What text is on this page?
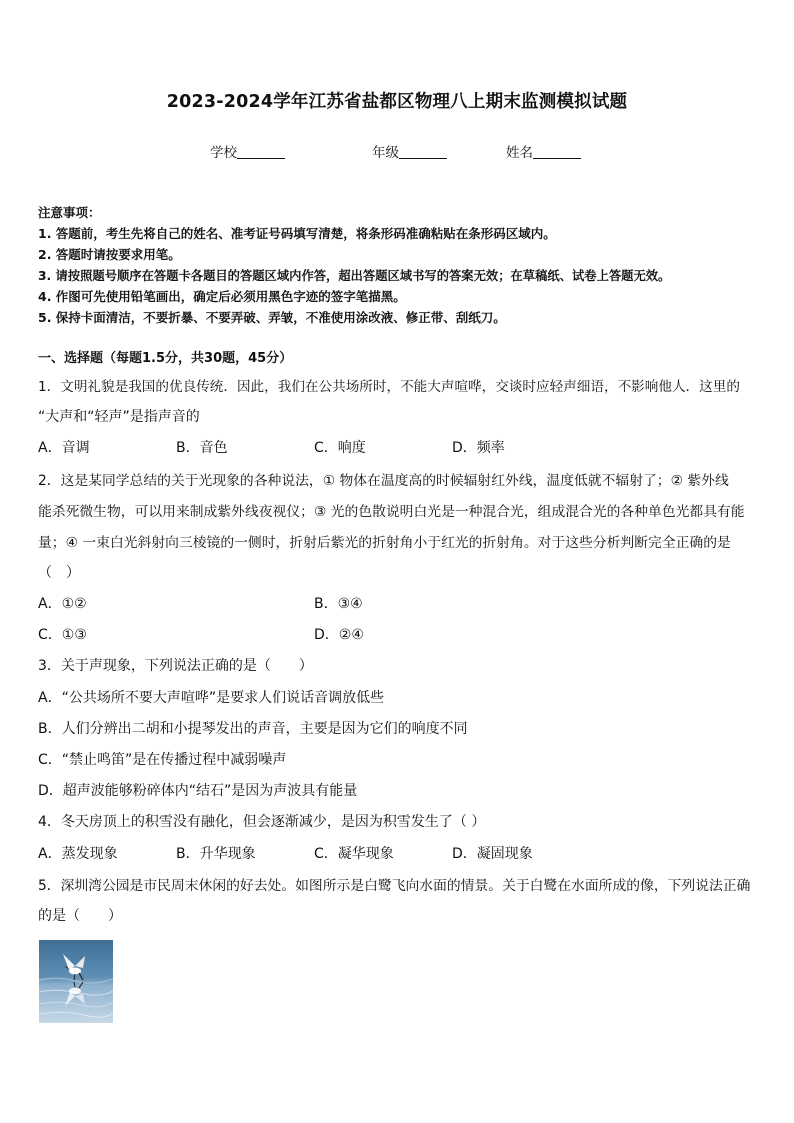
2023-2024学年江苏省盐都区物理八上期末监测模拟试题
学校	年级	姓名
注意事项：
1. 答题前，考生先将自己的姓名、准考证号码填写清楚，将条形码准确粘贴在条形码区域内。
2. 答题时请按要求用笔。
3. 请按照题号顺序在答题卡各题目的答题区域内作答，超出答题区域书写的答案无效；在草稿纸、试卷上答题无效。
4. 作图可先使用铅笔画出，确定后必须用黑色字迹的签字笔描黑。
5. 保持卡面清洁，不要折暴、不要弄破、弄皱，不准使用涂改液、修正带、刮纸刀。
一、选择题（每题1.5分，共30题，45分）
1．文明礼貌是我国的优良传统．因此，我们在公共场所时，不能大声喧哗，交谈时应轻声细语，不影响他人．这里的
“大声和“轻声”是指声音的
A．音调	B．音色	C．响度	D．频率
2．这是某同学总结的关于光现象的各种说法，① 物体在温度高的时候辐射红外线，温度低就不辐射了；② 紫外线
能杀死微生物，可以用来制成紫外线夜视仪；③ 光的色散说明白光是一种混合光，组成混合光的各种单色光都具有能
量；④ 一束白光斜射向三棱镜的一侧时，折射后紫光的折射角小于红光的折射角。对于这些分析判断完全正确的是
（　）
A．①②	B．③④
C．①③	D．②④
3．关于声现象，下列说法正确的是（　　）
A．“公共场所不要大声喧哗”是要求人们说话音调放低些
B．人们分辨出二胡和小提琴发出的声音，主要是因为它们的响度不同
C．“禁止鸣笛”是在传播过程中减弱噪声
D．超声波能够粉碎体内“结石”是因为声波具有能量
4．冬天房顶上的积雪没有融化，但会逐渐减少，是因为积雪发生了（ ）
A．蒸发现象	B．升华现象	C．凝华现象	D．凝固现象
5．深圳湾公园是市民周末休闲的好去处。如图所示是白鹭飞向水面的情景。关于白鹭在水面所成的像，下列说法正确
的是（　　）
